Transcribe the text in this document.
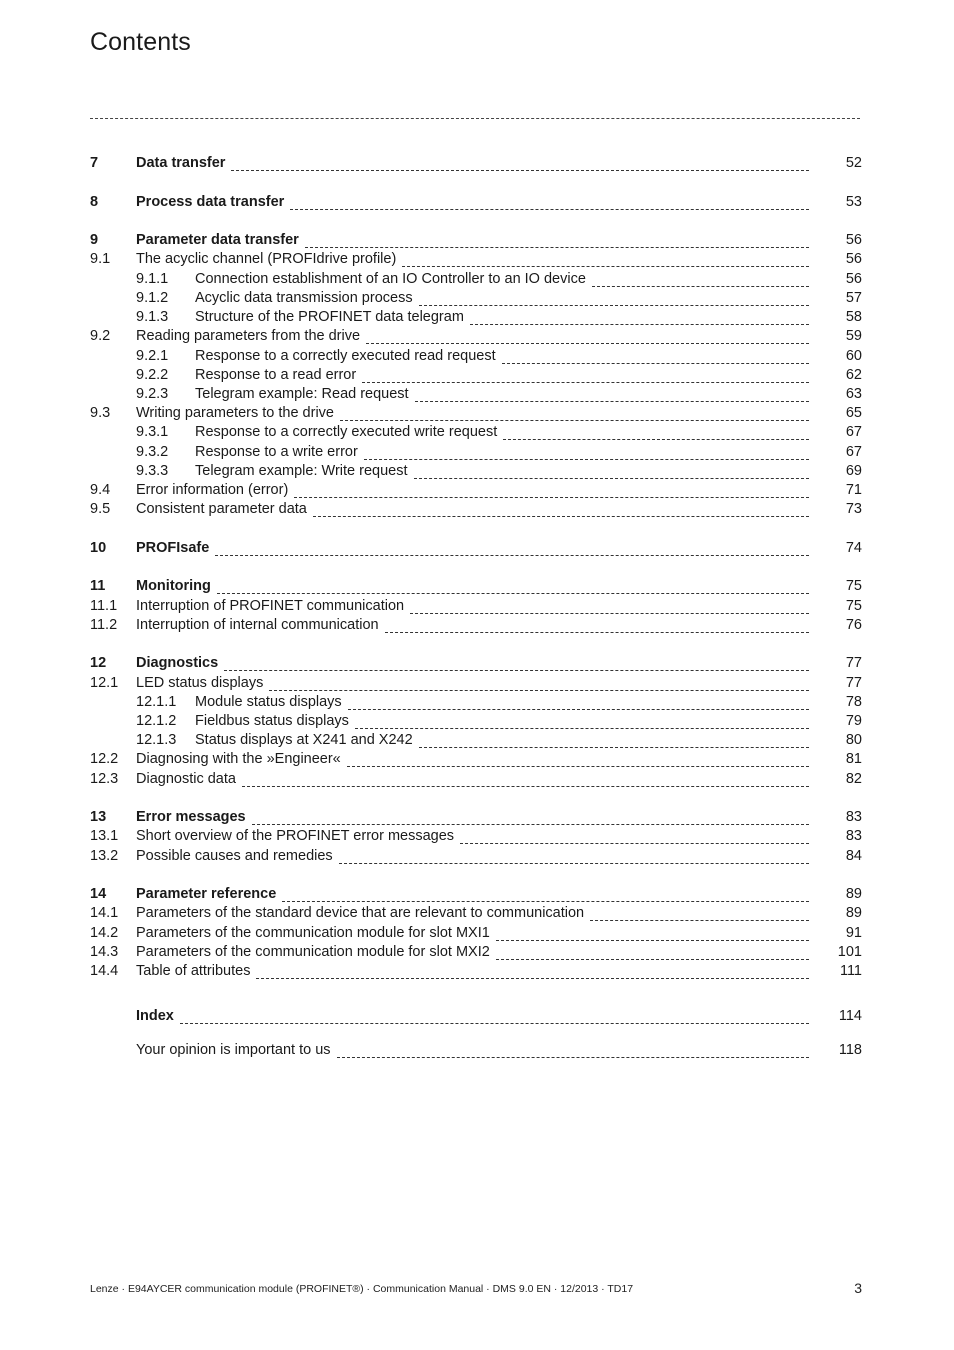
Contents
7	Data transfer	52
8	Process data transfer	53
9	Parameter data transfer	56
9.1 The acyclic channel (PROFIdrive profile)	56
9.1.1 Connection establishment of an IO Controller to an IO device	56
9.1.2 Acyclic data transmission process	57
9.1.3 Structure of the PROFINET data telegram	58
9.2 Reading parameters from the drive	59
9.2.1 Response to a correctly executed read request	60
9.2.2 Response to a read error	62
9.2.3 Telegram example: Read request	63
9.3 Writing parameters to the drive	65
9.3.1 Response to a correctly executed write request	67
9.3.2 Response to a write error	67
9.3.3 Telegram example: Write request	69
9.4 Error information (error)	71
9.5 Consistent parameter data	73
10 PROFIsafe	74
11 Monitoring	75
11.1 Interruption of PROFINET communication	75
11.2 Interruption of internal communication	76
12 Diagnostics	77
12.1 LED status displays	77
12.1.1 Module status displays	78
12.1.2 Fieldbus status displays	79
12.1.3 Status displays at X241 and X242	80
12.2 Diagnosing with the »Engineer«	81
12.3 Diagnostic data	82
13 Error messages	83
13.1 Short overview of the PROFINET error messages	83
13.2 Possible causes and remedies	84
14 Parameter reference	89
14.1 Parameters of the standard device that are relevant to communication	89
14.2 Parameters of the communication module for slot MXI1	91
14.3 Parameters of the communication module for slot MXI2	101
14.4 Table of attributes	111
Index	114
Your opinion is important to us	118
Lenze · E94AYCER communication module (PROFINET®) · Communication Manual · DMS 9.0 EN · 12/2013 · TD17	3
